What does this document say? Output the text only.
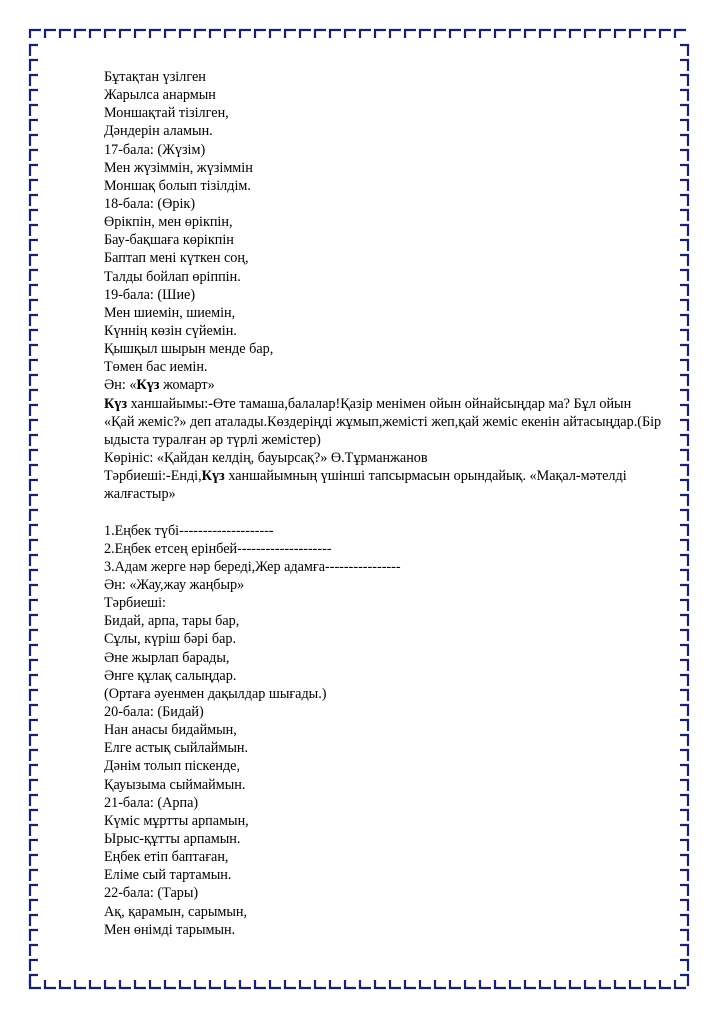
Бұтақтан үзілген
Жарылса анармын
Моншақтай тізілген,
Дәндерін аламын.
17-бала: (Жүзім)
Мен жүзіммін, жүзіммін
Моншақ болып тізілдім.
18-бала: (Өрік)
Өрікпін, мен өрікпін,
Бау-бақшаға көрікпін
Баптап мені күткен соң,
Талды бойлап өріппін.
19-бала: (Шие)
Мен шиемін, шиемін,
Күннің көзін сүйемін.
Қышқыл шырын менде бар,
Төмен бас иемін.
Ән: «Күз жомарт»
Күз ханшайымы:-Өте тамаша,балалар!Қазір менімен ойын ойнайсыңдар ма? Бұл ойын «Қай жеміс?» деп аталады.Көздеріңді жұмып,жемісті жеп,қай жеміс екенін айтасыңдар.(Бір ыдыста туралған әр түрлі жемістер)
Көрініс: «Қайдан келдің, бауырсақ?» Ө.Тұрманжанов
Тәрбиеші:-Енді,Күз ханшайымның үшінші тапсырмасын орындайық. «Мақал-мәтелді жалғастыр»
1.Еңбек түбі--------------------
2.Еңбек етсең ерінбей--------------------
3.Адам жерге нәр береді,Жер адамға----------------
Ән: «Жау,жау жаңбыр»
Тәрбиеші:
Бидай, арпа, тары бар,
Сұлы, күріш бәрі бар.
Әне жырлап барады,
Әнге құлақ салыңдар.
(Ортаға әуенмен дақылдар шығады.)
20-бала: (Бидай)
Нан анасы бидаймын,
Елге астық сыйлаймын.
Дәнім толып піскенде,
Қауызыма сыймаймын.
21-бала: (Арпа)
Күміс мұртты арпамын,
Ырыс-құтты арпамын.
Еңбек етіп баптаған,
Еліме сый тартамын.
22-бала: (Тары)
Ақ, қарамын, сарымын,
Мен өнімді тарымын.
